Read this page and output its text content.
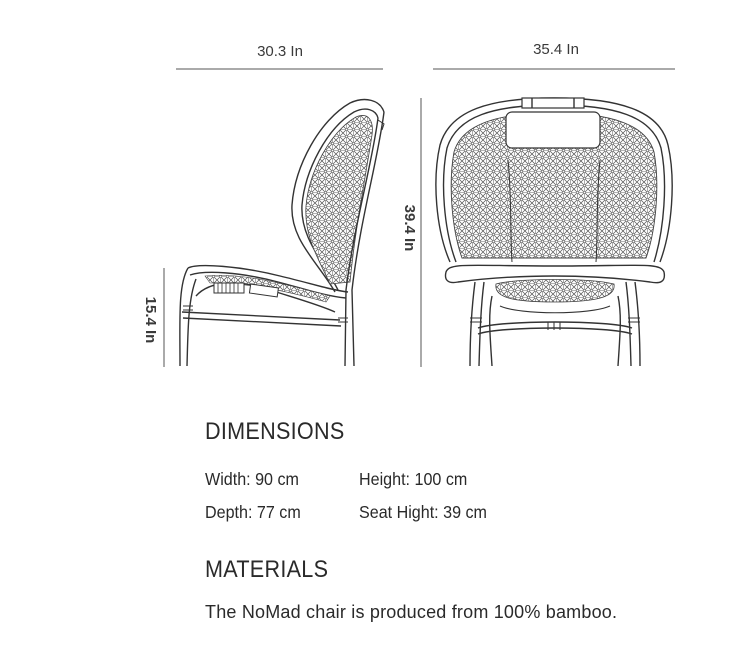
30.3 In	35.4 In
39.4 In
15.4 In
DIMENSIONS

Width: 90 cm	Height: 100 cm

Depth: 77 cm	Seat Hight: 39 cm

MATERIALS

The NoMad chair is produced from 100% bamboo.
